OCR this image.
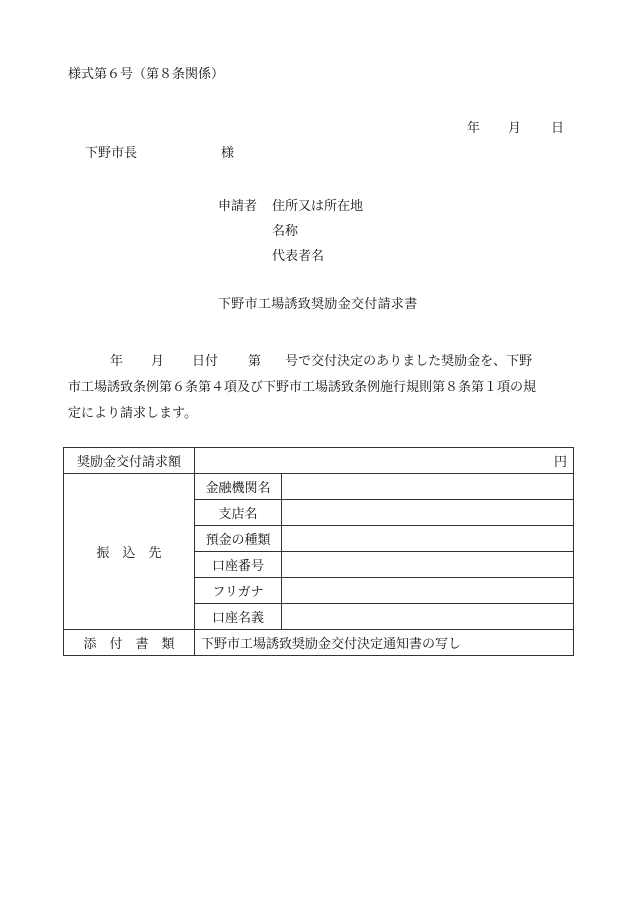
様式第６号（第８条関係）
年 月 日
下野市長	様
申請者 住所又は所在地
名称
代表者名
下野市工場誘致奨励金交付請求書
年 月 日付 第 号で交付決定のありました奨励金を、下野
市工場誘致条例第６条第４項及び下野市工場誘致条例施行規則第８条第１項の規
定により請求します。
奨励金交付請求額	円	
振　込　先	金融機関名	
	支店名	
	預金の種類	
	口座番号	
	フリガナ	
	口座名義	
添　付　書　類	下野市工場誘致奨励金交付決定通知書の写し	
